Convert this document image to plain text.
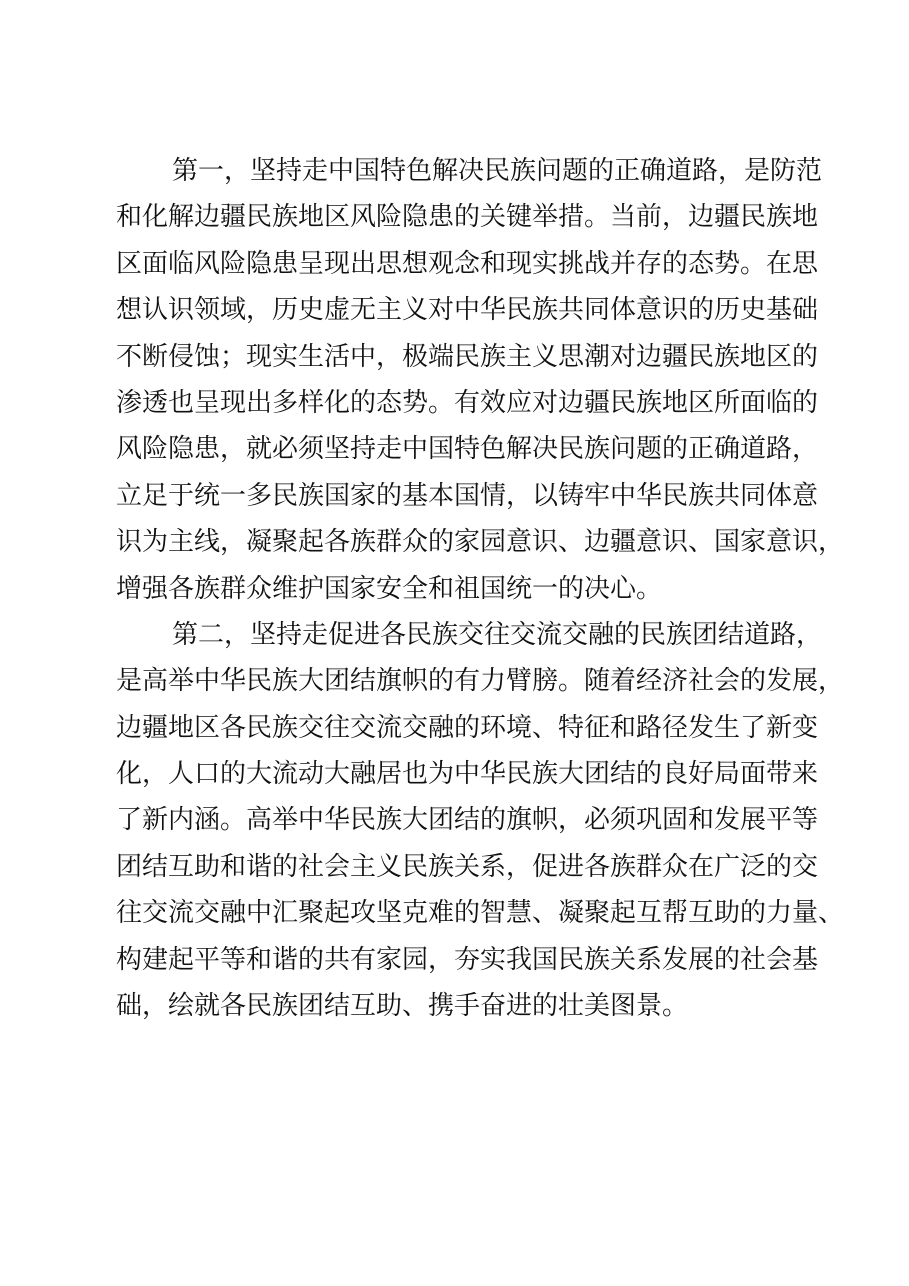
第一，坚持走中国特色解决民族问题的正确道路，是防范
和化解边疆民族地区风险隐患的关键举措。当前，边疆民族地
区面临风险隐患呈现出思想观念和现实挑战并存的态势。在思
想认识领域，历史虚无主义对中华民族共同体意识的历史基础
不断侵蚀；现实生活中，极端民族主义思潮对边疆民族地区的
渗透也呈现出多样化的态势。有效应对边疆民族地区所面临的
风险隐患，就必须坚持走中国特色解决民族问题的正确道路，
立足于统一多民族国家的基本国情，以铸牢中华民族共同体意
识为主线，凝聚起各族群众的家园意识、边疆意识、国家意识，
增强各族群众维护国家安全和祖国统一的决心。

第二，坚持走促进各民族交往交流交融的民族团结道路，
是高举中华民族大团结旗帜的有力臂膀。随着经济社会的发展，
边疆地区各民族交往交流交融的环境、特征和路径发生了新变
化，人口的大流动大融居也为中华民族大团结的良好局面带来
了新内涵。高举中华民族大团结的旗帜，必须巩固和发展平等
团结互助和谐的社会主义民族关系，促进各族群众在广泛的交
往交流交融中汇聚起攻坚克难的智慧、凝聚起互帮互助的力量、
构建起平等和谐的共有家园，夯实我国民族关系发展的社会基
础，绘就各民族团结互助、携手奋进的壮美图景。
